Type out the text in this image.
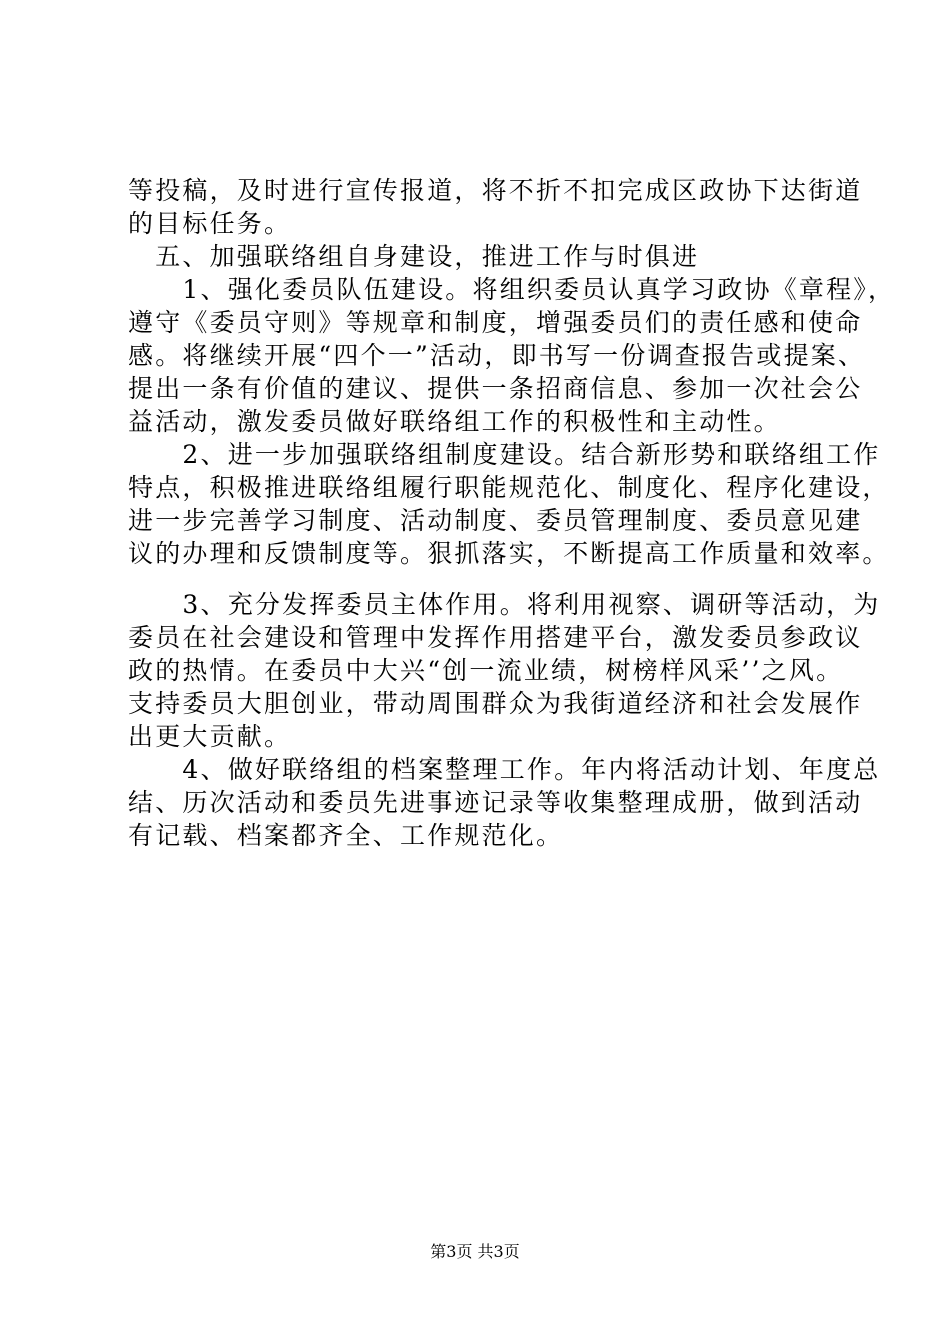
等投稿，及时进行宣传报道，将不折不扣完成区政协下达街道
的目标任务。
　五、加强联络组自身建设，推进工作与时俱进
　　1、强化委员队伍建设。将组织委员认真学习政协《章程》，
遵守《委员守则》等规章和制度，增强委员们的责任感和使命
感。将继续开展“四个一”活动，即书写一份调查报告或提案、
提出一条有价值的建议、提供一条招商信息、参加一次社会公
益活动，激发委员做好联络组工作的积极性和主动性。
　　2、进一步加强联络组制度建设。结合新形势和联络组工作
特点，积极推进联络组履行职能规范化、制度化、程序化建设，
进一步完善学习制度、活动制度、委员管理制度、委员意见建
议的办理和反馈制度等。狠抓落实，不断提高工作质量和效率。
　　3、充分发挥委员主体作用。将利用视察、调研等活动，为
委员在社会建设和管理中发挥作用搭建平台，激发委员参政议
政的热情。在委员中大兴“创一流业绩，树榜样风采’’之风。
支持委员大胆创业，带动周围群众为我街道经济和社会发展作
出更大贡献。
　　4、做好联络组的档案整理工作。年内将活动计划、年度总
结、历次活动和委员先进事迹记录等收集整理成册，做到活动
有记载、档案都齐全、工作规范化。
第3页 共3页
